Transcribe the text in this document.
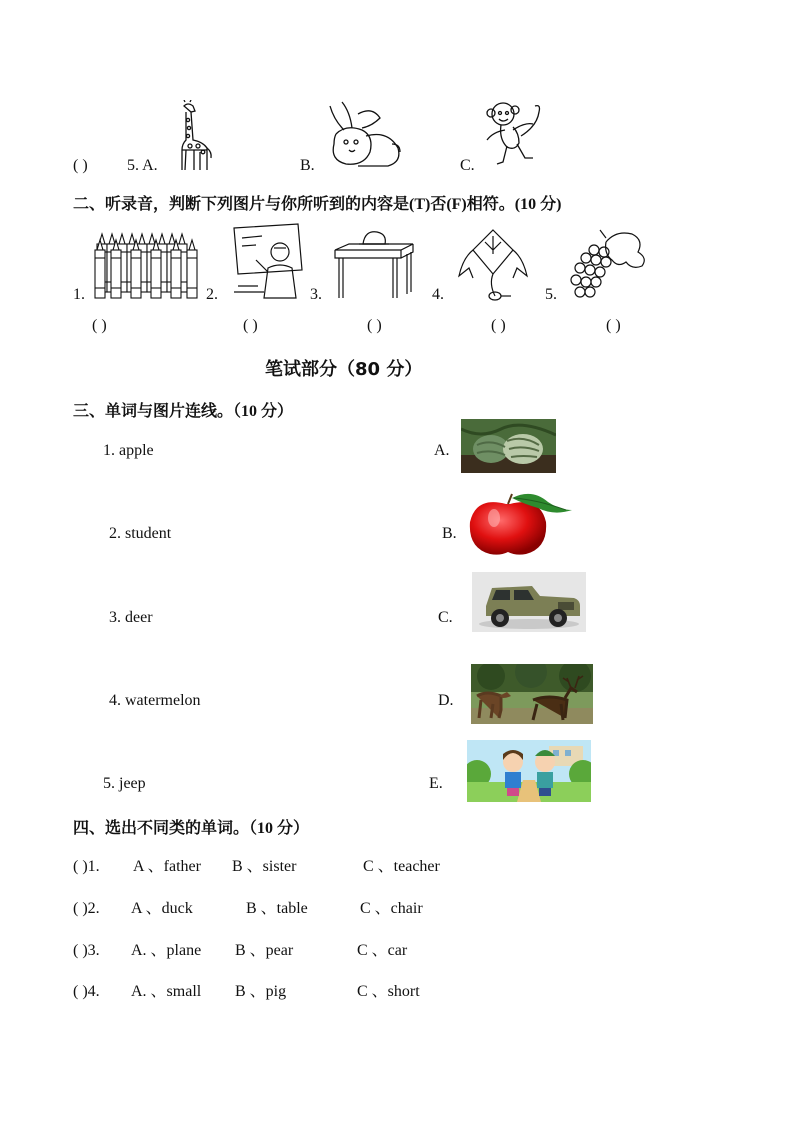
( ) 5. A.	B.	C.
二、听录音，判断下列图片与你所听到的内容是(T)否(F)相符。(10 分)
1.	2.	3.	4.	5.
( )	( )	( )	( )	( )
笔试部分（80 分）
三、单词与图片连线。（10 分）
1. apple
2. student
3. deer
4. watermelon
5. jeep
A.
B.
C.
D.
E.
四、选出不同类的单词。（10 分）
( )1. A 、father B 、sister	C 、teacher
( )2. A 、duck	B 、table	C 、chair
( )3. A. 、plane B 、pear	C 、car
( )4. A. 、small B 、pig	C 、short
